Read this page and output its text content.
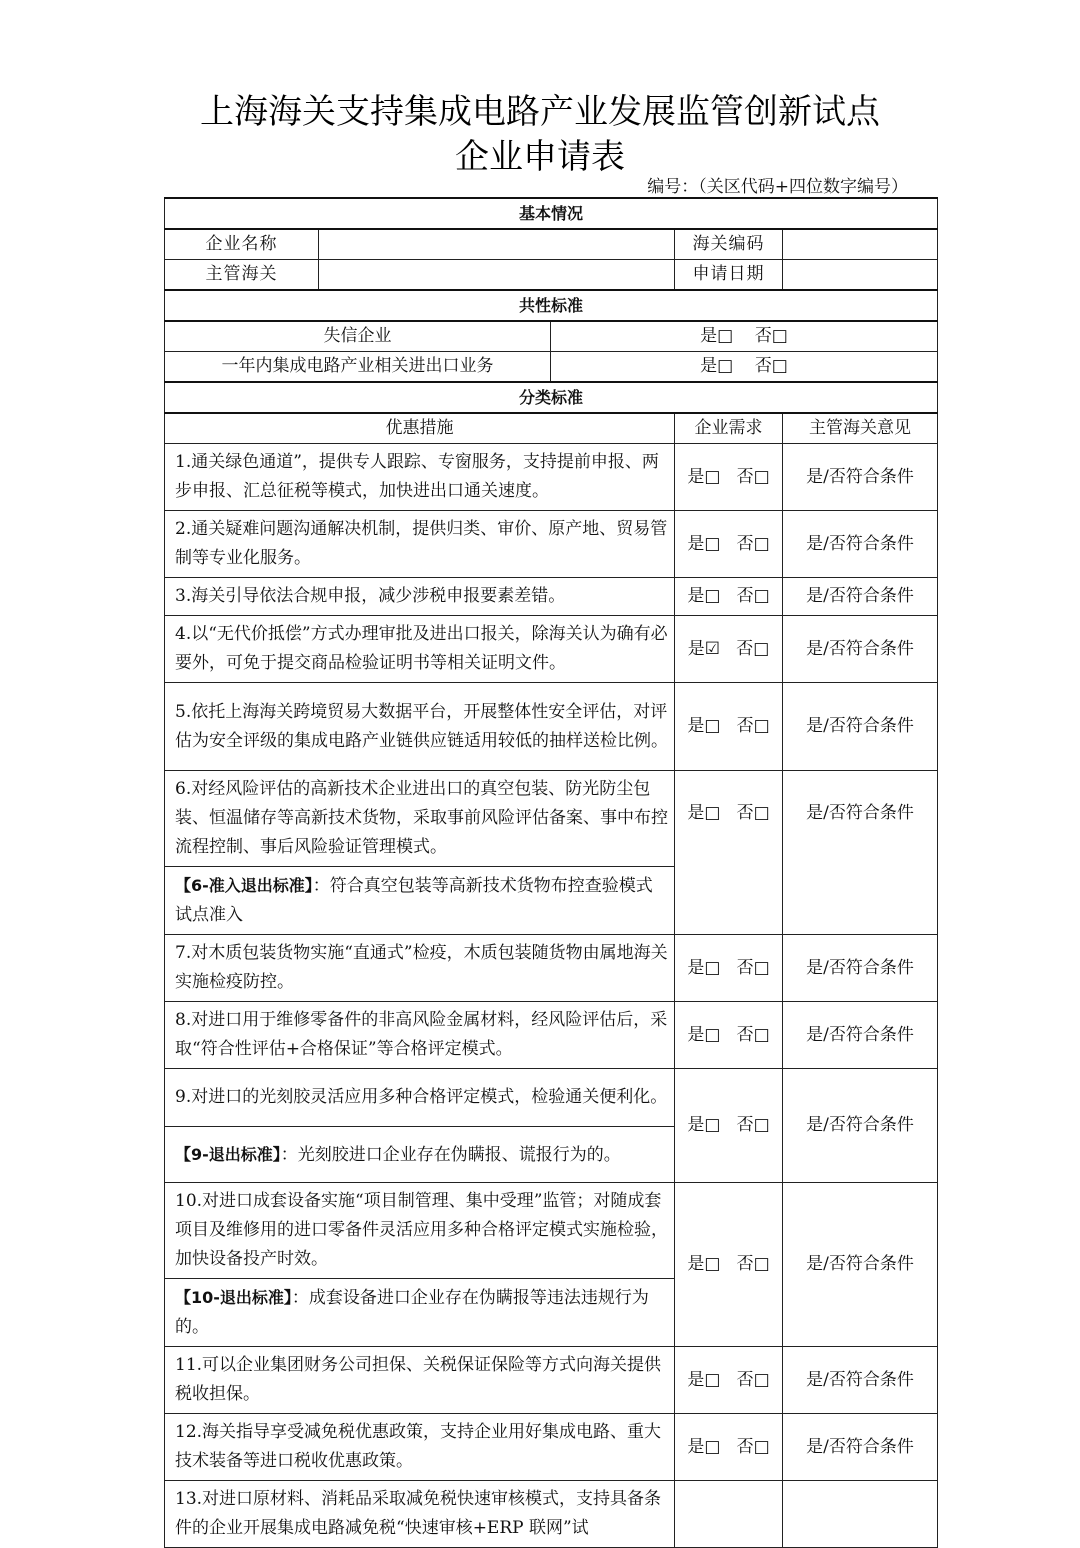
上海海关支持集成电路产业发展监管创新试点
企业申请表
编号：（关区代码+四位数字编号）
基本情况				
企业名称			海关编码	
主管海关			申请日期	
共性标准				
失信企业		是□ 否□		
一年内集成电路产业相关进出口业务		是□ 否□		
分类标准				
优惠措施			企业需求	主管海关意见
1.通关绿色通道”，提供专人跟踪、专窗服务，支持提前申报、两步申报、汇总征税等模式，加快进出口通关速度。			是□ 否□	是/否符合条件
2.通关疑难问题沟通解决机制，提供归类、审价、原产地、贸易管制等专业化服务。			是□ 否□	是/否符合条件
3.海关引导依法合规申报，减少涉税申报要素差错。			是□ 否□	是/否符合条件
4.以“无代价抵偿”方式办理审批及进出口报关，除海关认为确有必要外，可免于提交商品检验证明书等相关证明文件。			是☑ 否□	是/否符合条件
5.依托上海海关跨境贸易大数据平台，开展整体性安全评估，对评估为安全评级的集成电路产业链供应链适用较低的抽样送检比例。			是□ 否□	是/否符合条件
6.对经风险评估的高新技术企业进出口的真空包装、防光防尘包装、恒温储存等高新技术货物，采取事前风险评估备案、事中布控流程控制、事后风险验证管理模式。			是□ 否□	是/否符合条件
【6-准入退出标准】：符合真空包装等高新技术货物布控查验模式试点准入				
7.对木质包装货物实施“直通式”检疫，木质包装随货物由属地海关实施检疫防控。			是□ 否□	是/否符合条件
8.对进口用于维修零备件的非高风险金属材料，经风险评估后，采取“符合性评估+合格保证”等合格评定模式。			是□ 否□	是/否符合条件
9.对进口的光刻胶灵活应用多种合格评定模式，检验通关便利化。			是□ 否□	是/否符合条件
【9-退出标准】：光刻胶进口企业存在伪瞒报、谎报行为的。				
10.对进口成套设备实施“项目制管理、集中受理”监管；对随成套项目及维修用的进口零备件灵活应用多种合格评定模式实施检验，加快设备投产时效。			是□ 否□	是/否符合条件
【10-退出标准】：成套设备进口企业存在伪瞒报等违法违规行为的。				
11.可以企业集团财务公司担保、关税保证保险等方式向海关提供税收担保。			是□ 否□	是/否符合条件
12.海关指导享受减免税优惠政策，支持企业用好集成电路、重大技术装备等进口税收优惠政策。			是□ 否□	是/否符合条件
13.对进口原材料、消耗品采取减免税快速审核模式，支持具备条件的企业开展集成电路减免税“快速审核+ERP 联网”试				
